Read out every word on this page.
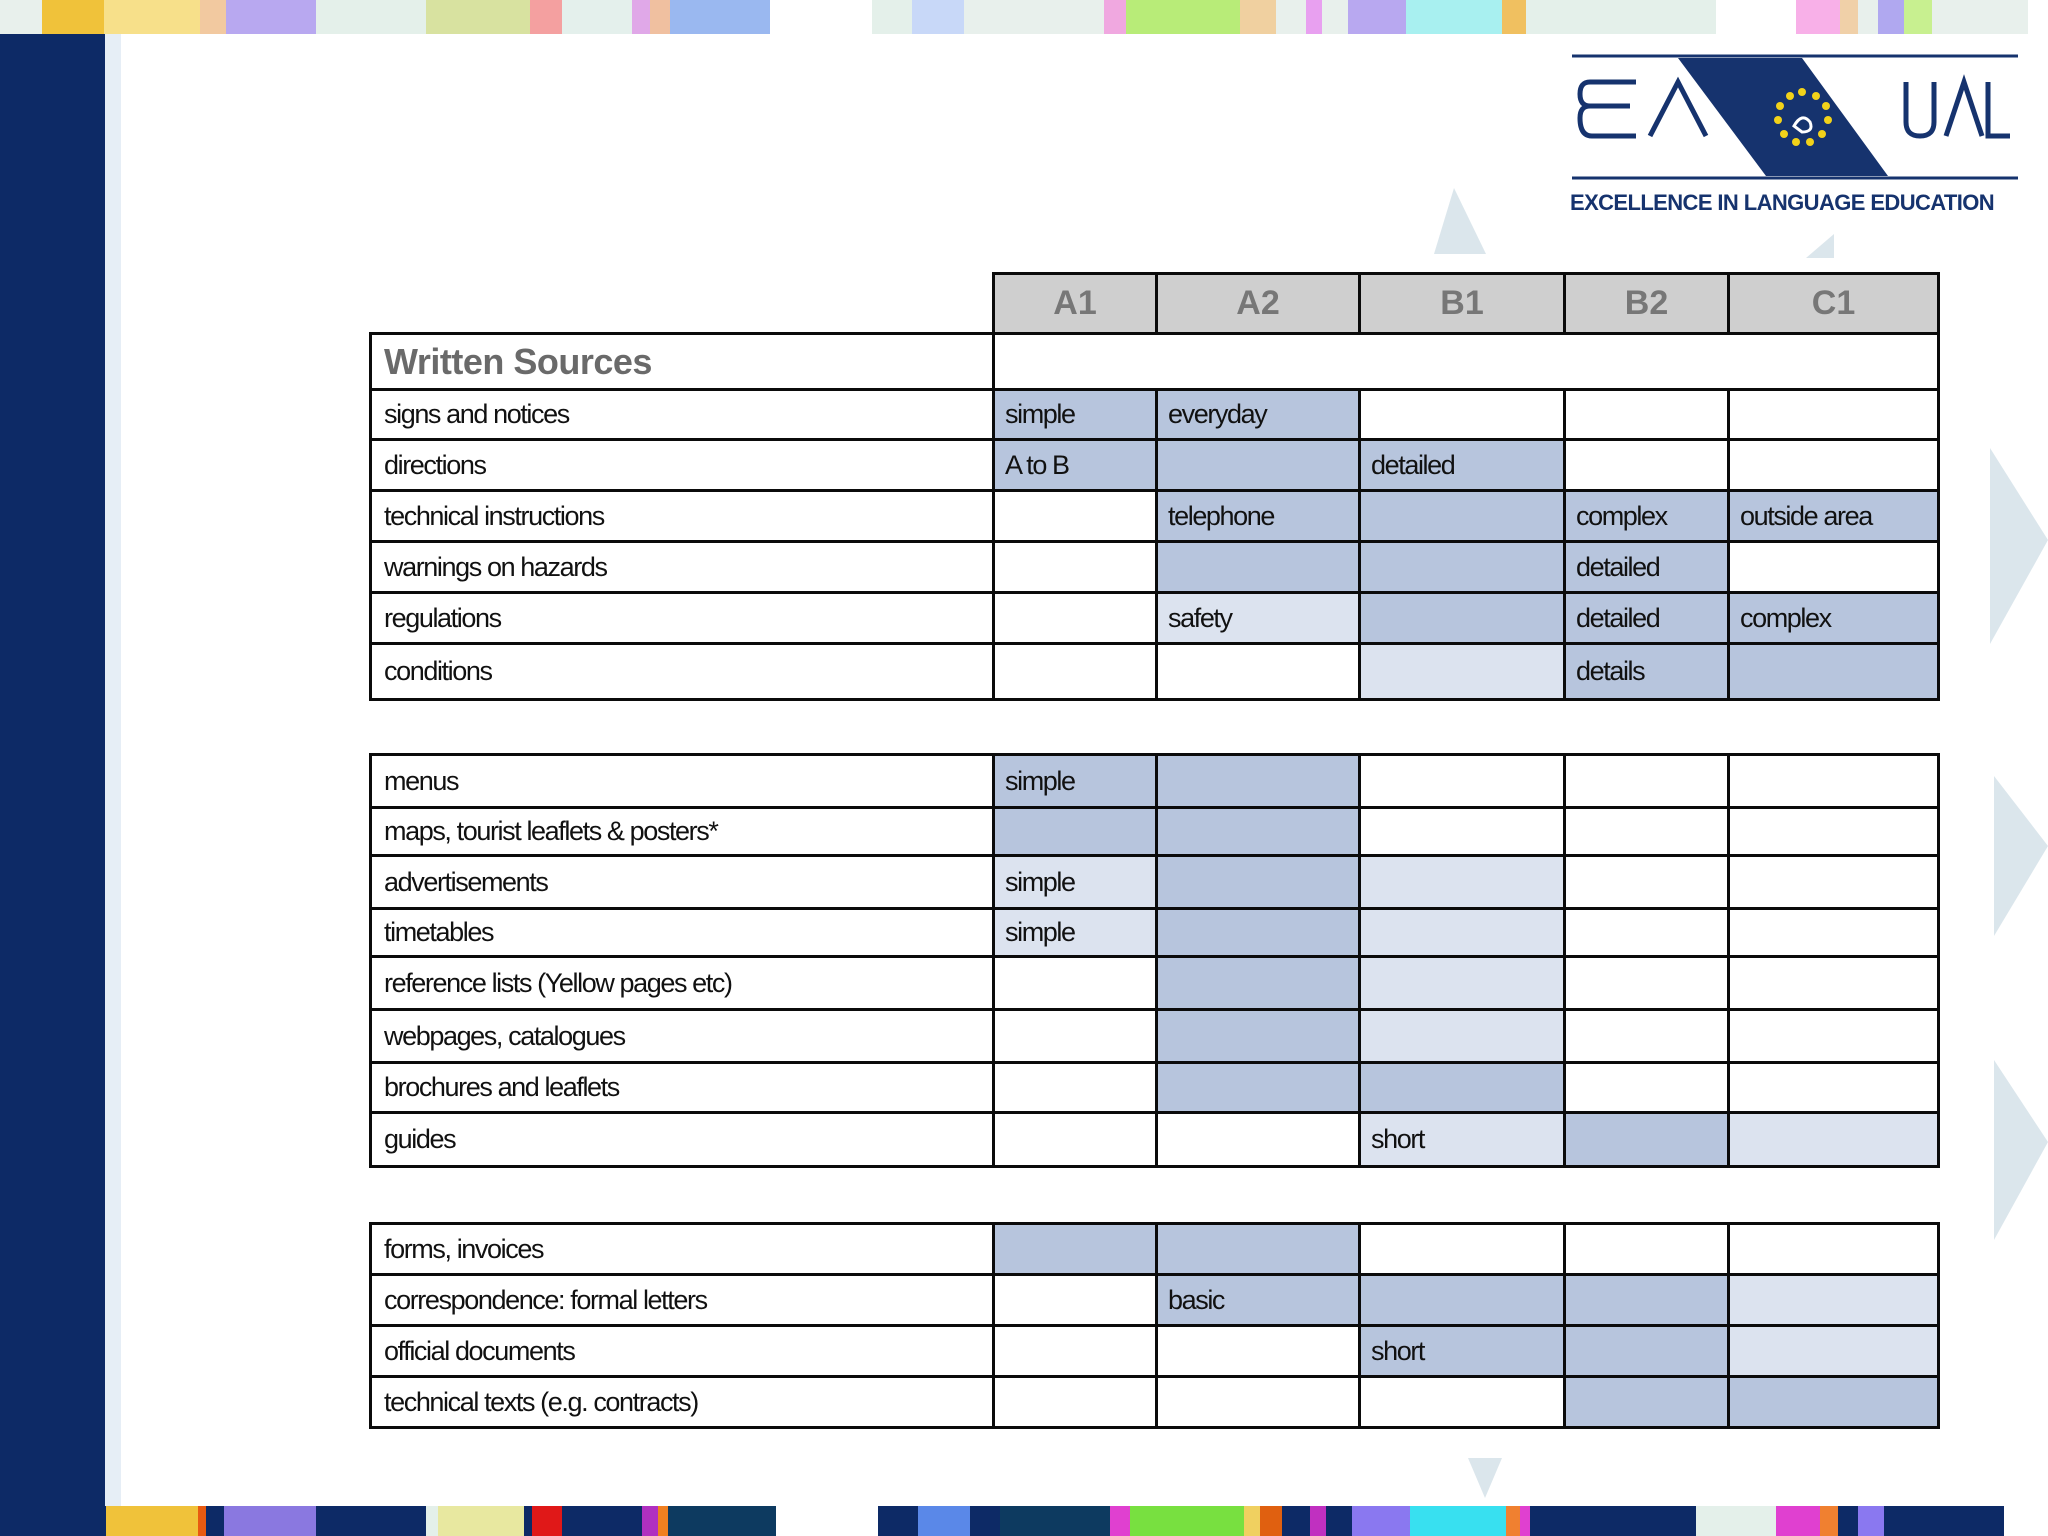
EXCELLENCE IN LANGUAGE EDUCATION
	A1	A2	B1	B2	C1
Written Sources					
signs and notices	simple	everyday			
directions	A to B		detailed		
technical instructions		telephone		complex	outside area
warnings on hazards				detailed	
regulations		safety		detailed	complex
conditions				details	
menus	simple				
maps, tourist leaflets & posters*					
advertisements	simple				
timetables	simple				
reference lists (Yellow pages etc)					
webpages, catalogues					
brochures and leaflets					
guides			short		
forms, invoices					
correspondence: formal letters		basic			
official documents			short		
technical texts (e.g. contracts)					
